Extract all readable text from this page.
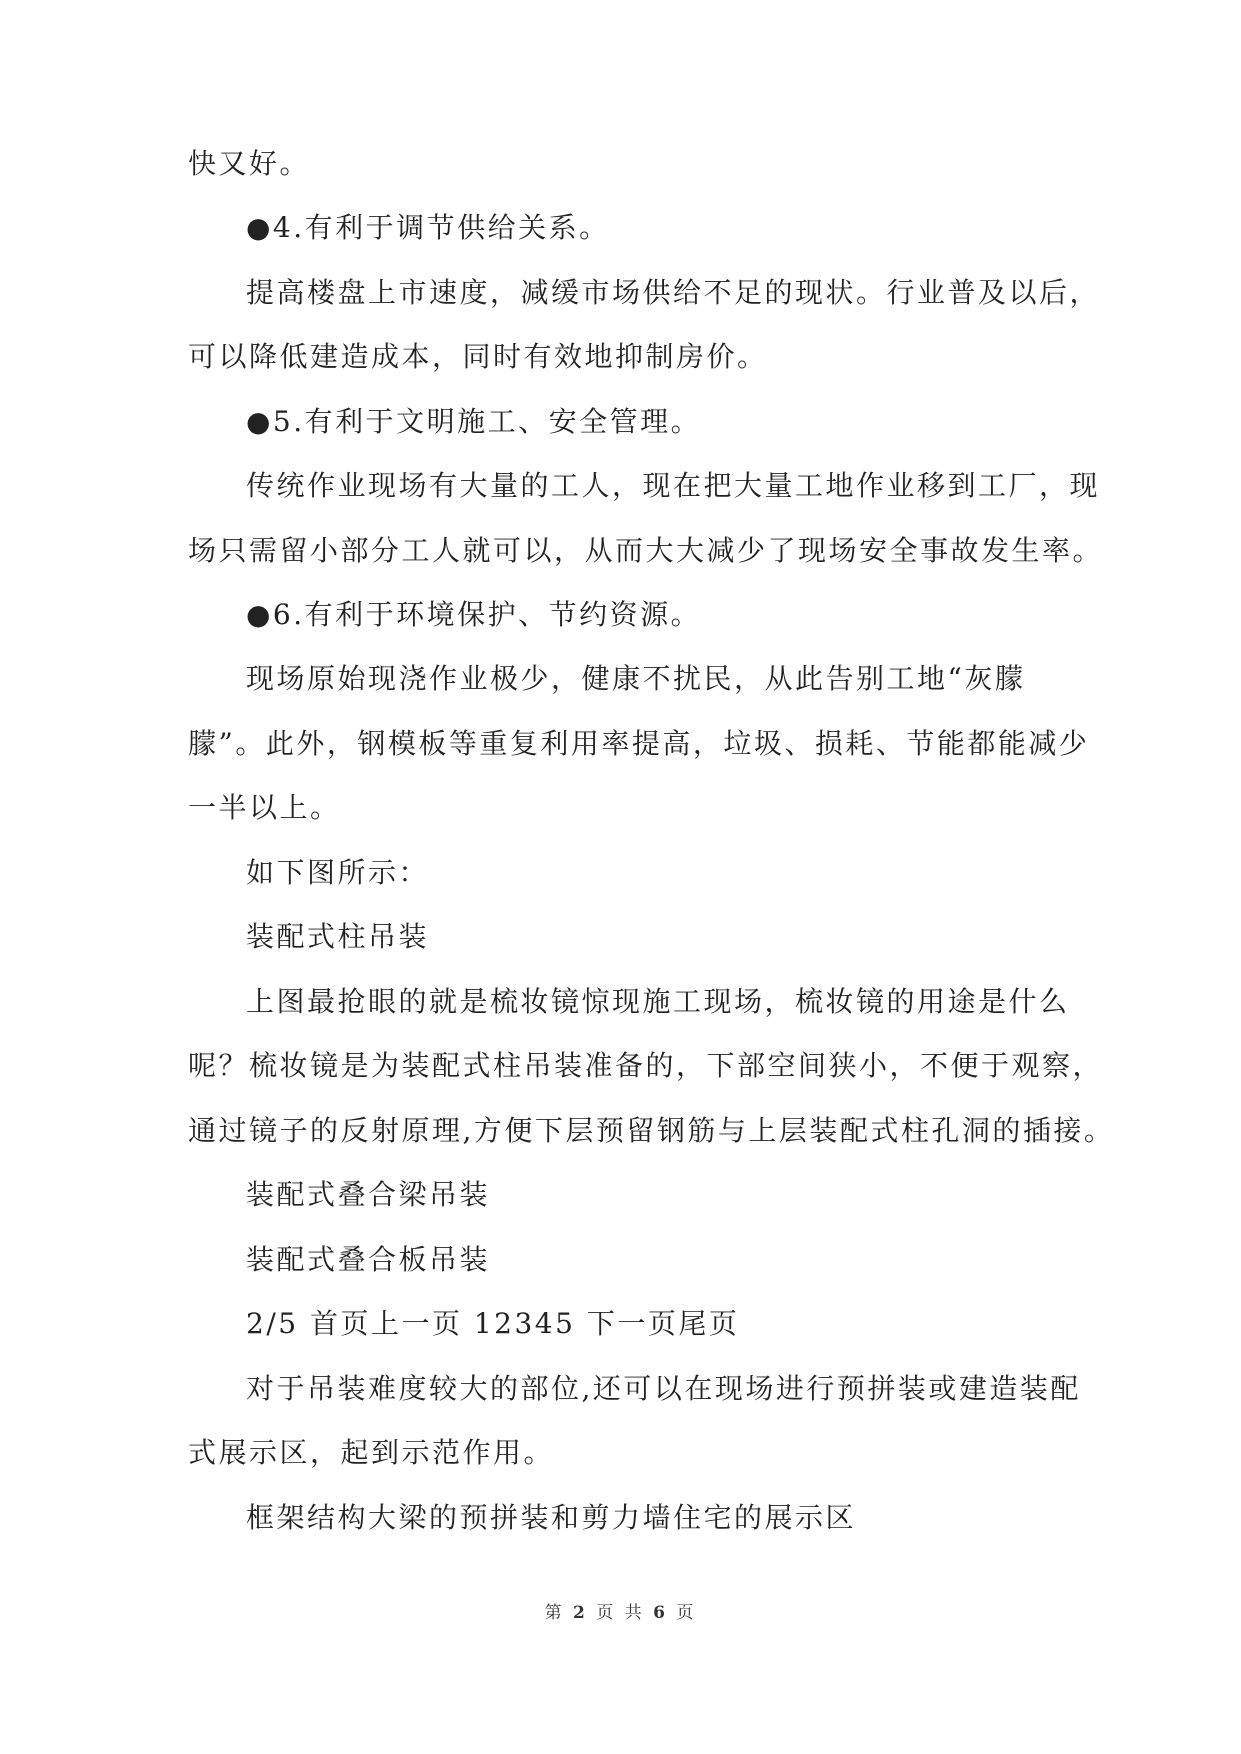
快又好。
●4.有利于调节供给关系。
提高楼盘上市速度，减缓市场供给不足的现状。行业普及以后，
可以降低建造成本，同时有效地抑制房价。
●5.有利于文明施工、安全管理。
传统作业现场有大量的工人，现在把大量工地作业移到工厂，现
场只需留小部分工人就可以，从而大大减少了现场安全事故发生率。
●6.有利于环境保护、节约资源。
现场原始现浇作业极少，健康不扰民，从此告别工地“灰朦
朦”。此外，钢模板等重复利用率提高，垃圾、损耗、节能都能减少
一半以上。
如下图所示：
装配式柱吊装
上图最抢眼的就是梳妆镜惊现施工现场，梳妆镜的用途是什么
呢？梳妆镜是为装配式柱吊装准备的，下部空间狭小，不便于观察，
通过镜子的反射原理,方便下层预留钢筋与上层装配式柱孔洞的插接。
装配式叠合梁吊装
装配式叠合板吊装
2/5 首页上一页 12345 下一页尾页
对于吊装难度较大的部位,还可以在现场进行预拼装或建造装配
式展示区，起到示范作用。
框架结构大梁的预拼装和剪力墙住宅的展示区
第 2 页 共 6 页
